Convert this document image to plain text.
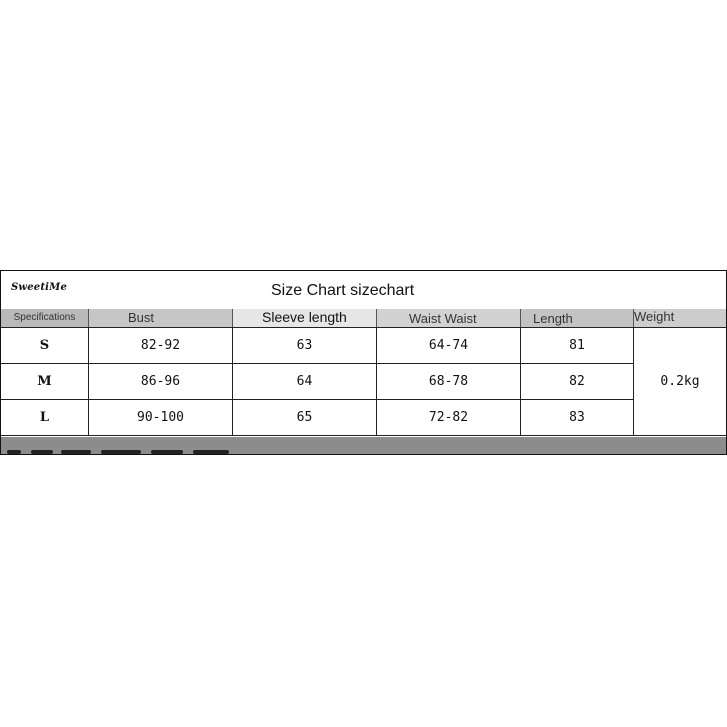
SweetiMe	Size Chart sizechart
Specifications	Bust	Sleeve length	Waist Waist	Length	Weight
S	82-92	63	64-74	81
M	86-96	64	68-78	82
L	90-100	65	72-82	83
0.2kg
